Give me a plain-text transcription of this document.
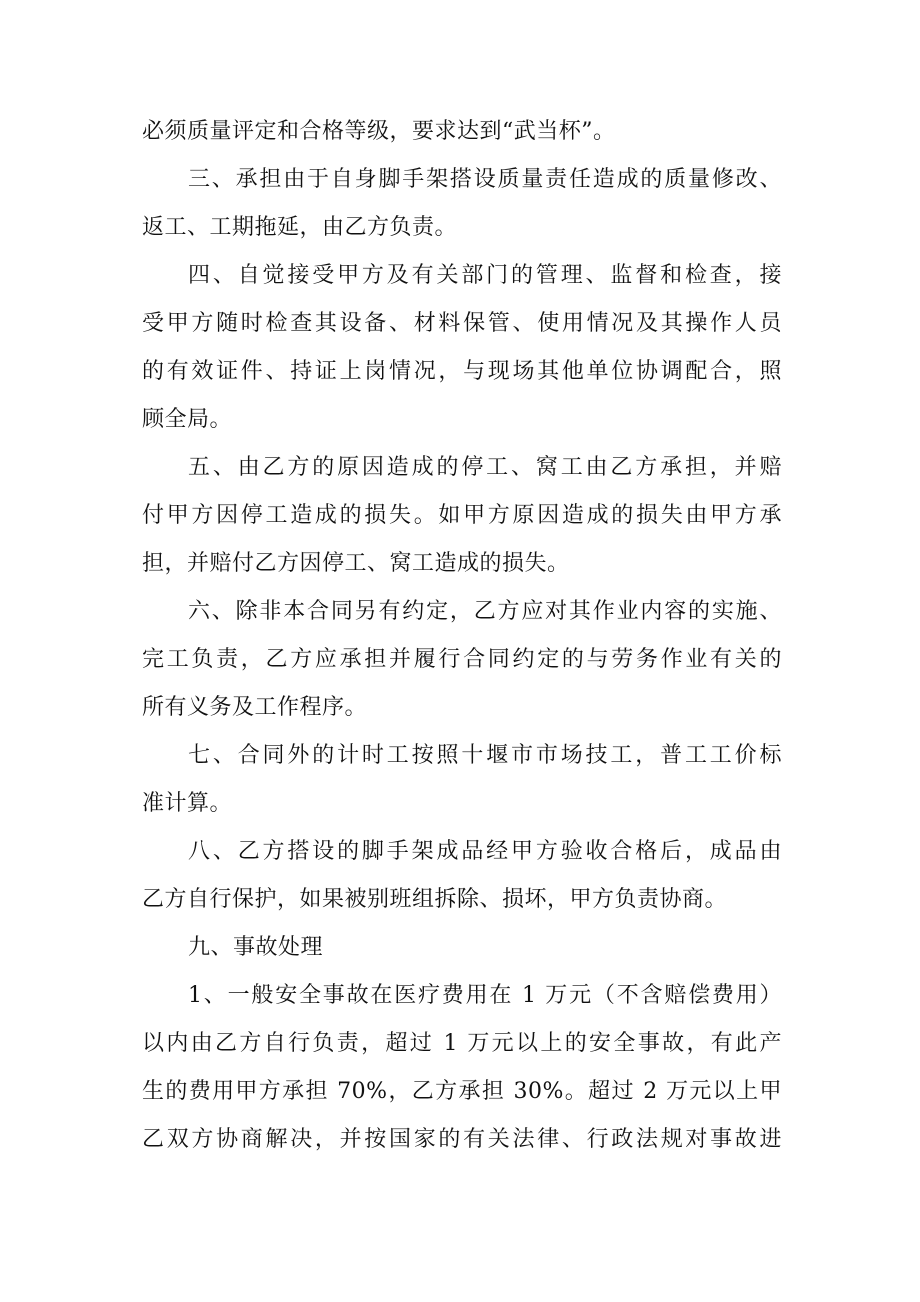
必须质量评定和合格等级，要求达到“武当杯”。
三、承担由于自身脚手架搭设质量责任造成的质量修改、
返工、工期拖延，由乙方负责。
四、自觉接受甲方及有关部门的管理、监督和检查，接
受甲方随时检查其设备、材料保管、使用情况及其操作人员
的有效证件、持证上岗情况，与现场其他单位协调配合，照
顾全局。
五、由乙方的原因造成的停工、窝工由乙方承担，并赔
付甲方因停工造成的损失。如甲方原因造成的损失由甲方承
担，并赔付乙方因停工、窝工造成的损失。
六、除非本合同另有约定，乙方应对其作业内容的实施、
完工负责，乙方应承担并履行合同约定的与劳务作业有关的
所有义务及工作程序。
七、合同外的计时工按照十堰市市场技工，普工工价标
准计算。
八、乙方搭设的脚手架成品经甲方验收合格后，成品由
乙方自行保护，如果被别班组拆除、损坏，甲方负责协商。
九、事故处理
1、一般安全事故在医疗费用在 1 万元（不含赔偿费用）
以内由乙方自行负责，超过 1 万元以上的安全事故，有此产
生的费用甲方承担 70%，乙方承担 30%。超过 2 万元以上甲
乙双方协商解决，并按国家的有关法律、行政法规对事故进
